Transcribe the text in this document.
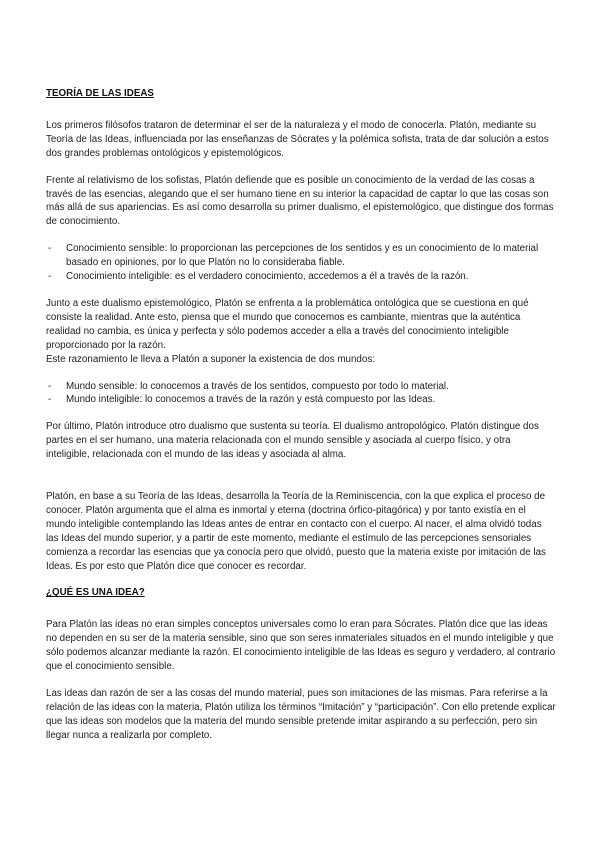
TEORÍA DE LAS IDEAS

Los primeros filósofos trataron de determinar el ser de la naturaleza y el modo de conocerla. Platón, mediante su Teoría de las Ideas, influenciada por las enseñanzas de Sócrates y la polémica sofista, trata de dar solución a estos dos grandes problemas ontológicos y epistemológicos.

Frente al relativismo de los sofistas, Platón defiende que es posible un conocimiento de la verdad de las cosas a través de las esencias, alegando que el ser humano tiene en su interior la capacidad de captar lo que las cosas son más allá de sus apariencias. Es así como desarrolla su primer dualismo, el epistemológico, que distingue dos formas de conocimiento.

- Conocimiento sensible: lo proporcionan las percepciones de los sentidos y es un conocimiento de lo material basado en opiniones, por lo que Platón no lo consideraba fiable.
- Conocimiento inteligible: es el verdadero conocimiento, accedemos a él a través de la razón.

Junto a este dualismo epistemológico, Platón se enfrenta a la problemática ontológica que se cuestiona en qué consiste la realidad. Ante esto, piensa que el mundo que conocemos es cambiante, mientras que la auténtica realidad no cambia, es única y perfecta y sólo podemos acceder a ella a través del conocimiento inteligible proporcionado por la razón.

Este razonamiento le lleva a Platón a suponer la existencia de dos mundos:

- Mundo sensible: lo conocemos a través de los sentidos, compuesto por todo lo material.
- Mundo inteligible: lo conocemos a través de la razón y está compuesto por las Ideas.

Por último, Platón introduce otro dualismo que sustenta su teoría. El dualismo antropológico. Platón distingue dos partes en el ser humano, una materia relacionada con el mundo sensible y asociada al cuerpo físico, y otra inteligible, relacionada con el mundo de las ideas y asociada al alma.

Platón, en base a su Teoría de las Ideas, desarrolla la Teoría de la Reminiscencia, con la que explica el proceso de conocer. Platón argumenta que el alma es inmortal y eterna (doctrina órfico-pitagórica) y por tanto existía en el mundo inteligible contemplando las Ideas antes de entrar en contacto con el cuerpo. Al nacer, el alma olvidó todas las Ideas del mundo superior, y a partir de este momento, mediante el estímulo de las percepciones sensoriales comienza a recordar las esencias que ya conocía pero que olvidó, puesto que la materia existe por imitación de las Ideas. Es por esto que Platón dice que conocer es recordar.

¿QUÉ ES UNA IDEA?

Para Platón las ideas no eran simples conceptos universales como lo eran para Sócrates. Platón dice que las ideas no dependen en su ser de la materia sensible, sino que son seres inmateriales situados en el mundo inteligible y que sólo podemos alcanzar mediante la razón. El conocimiento inteligible de las Ideas es seguro y verdadero, al contrario que el conocimiento sensible.

Las ideas dan razón de ser a las cosas del mundo material, pues son imitaciones de las mismas. Para referirse a la relación de las ideas con la materia, Platón utiliza los términos “Imitación” y “participación”. Con ello pretende explicar que las ideas son modelos que la materia del mundo sensible pretende imitar aspirando a su perfección, pero sin llegar nunca a realizarla por completo.
